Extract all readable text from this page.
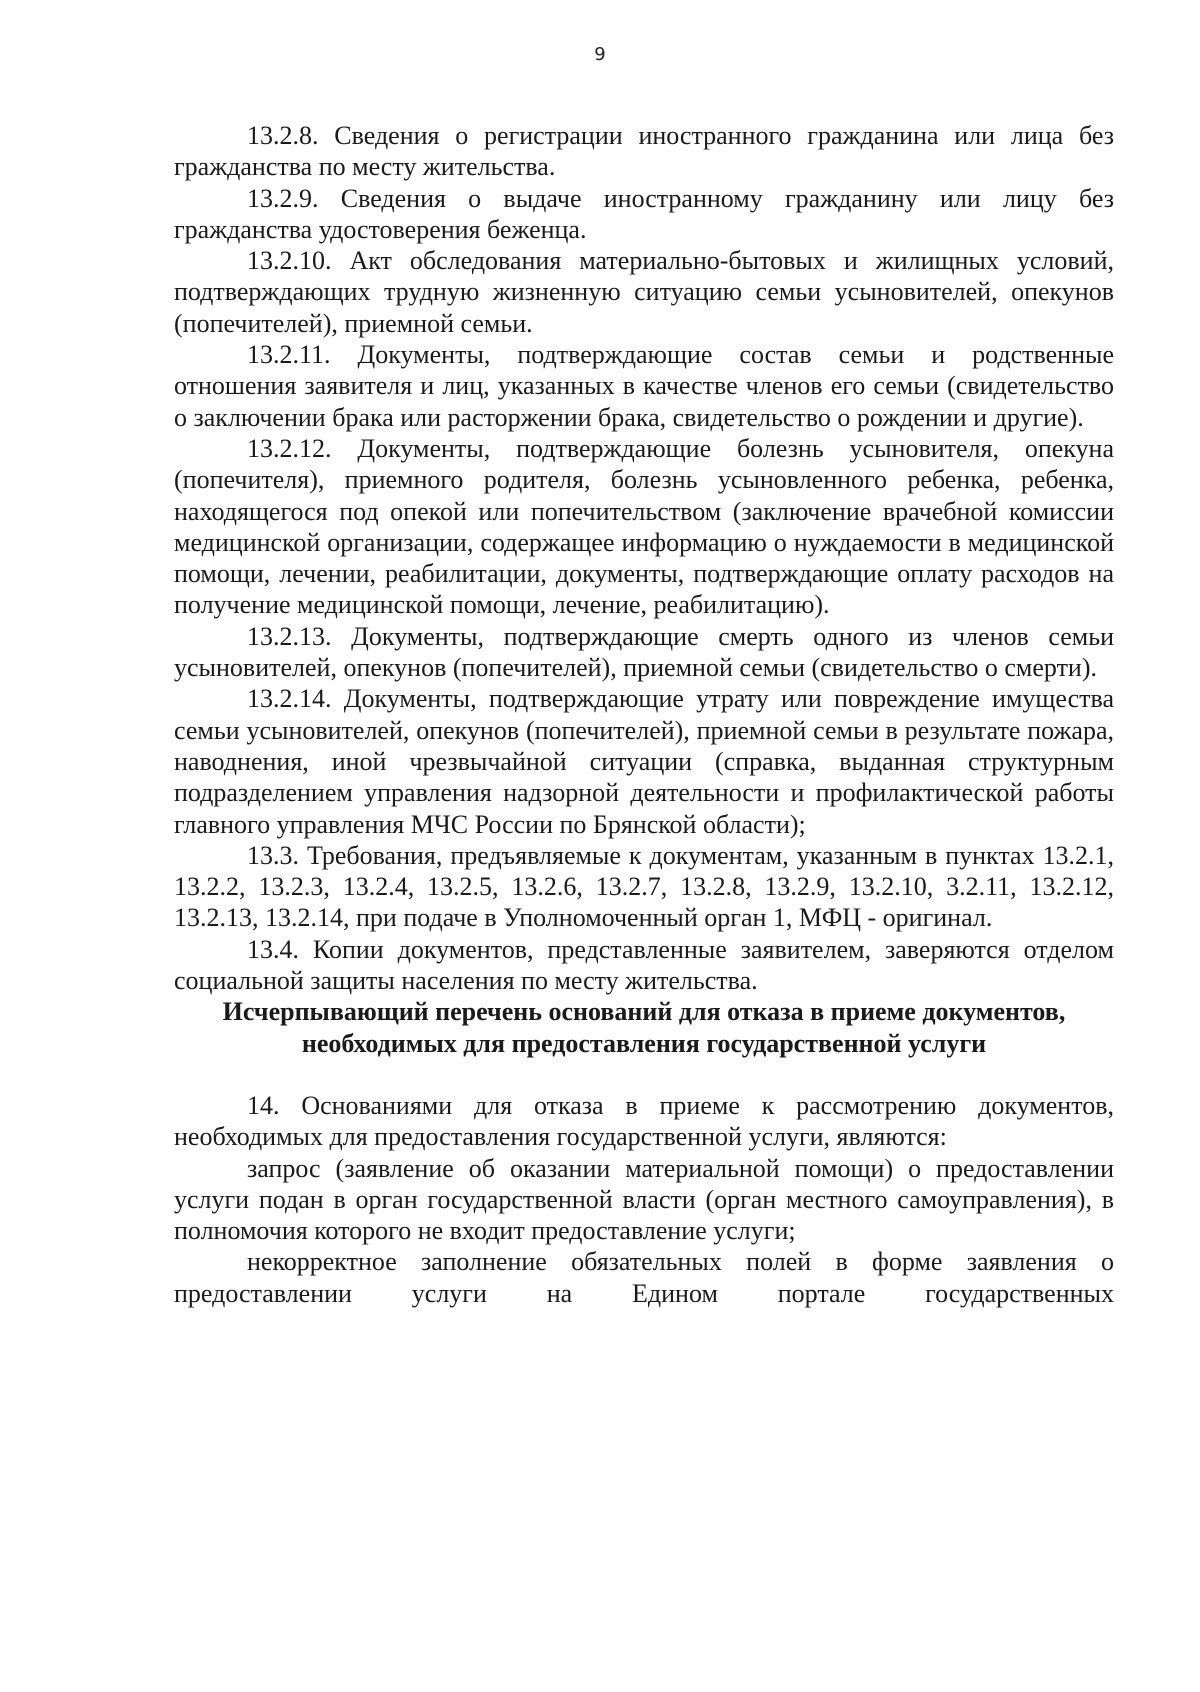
9

13.2.8. Сведения о регистрации иностранного гражданина или лица без гражданства по месту жительства.

13.2.9. Сведения о выдаче иностранному гражданину или лицу без гражданства удостоверения беженца.

13.2.10. Акт обследования материально-бытовых и жилищных условий, подтверждающих трудную жизненную ситуацию семьи усыновителей, опекунов (попечителей), приемной семьи.

13.2.11. Документы, подтверждающие состав семьи и родственные отношения заявителя и лиц, указанных в качестве членов его семьи (свидетельство о заключении брака или расторжении брака, свидетельство о рождении и другие).

13.2.12. Документы, подтверждающие болезнь усыновителя, опекуна (попечителя), приемного родителя, болезнь усыновленного ребенка, ребенка, находящегося под опекой или попечительством (заключение врачебной комиссии медицинской организации, содержащее информацию о нуждаемости в медицинской помощи, лечении, реабилитации, документы, подтверждающие оплату расходов на получение медицинской помощи, лечение, реабилитацию).

13.2.13. Документы, подтверждающие смерть одного из членов семьи усыновителей, опекунов (попечителей), приемной семьи (свидетельство о смерти).

13.2.14. Документы, подтверждающие утрату или повреждение имущества семьи усыновителей, опекунов (попечителей), приемной семьи в результате пожара, наводнения, иной чрезвычайной ситуации (справка, выданная структурным подразделением управления надзорной деятельности и профилактической работы главного управления МЧС России по Брянской области);

13.3. Требования, предъявляемые к документам, указанным в пунктах 13.2.1, 13.2.2, 13.2.3, 13.2.4, 13.2.5, 13.2.6, 13.2.7, 13.2.8, 13.2.9, 13.2.10, 3.2.11, 13.2.12, 13.2.13, 13.2.14, при подаче в Уполномоченный орган 1, МФЦ - оригинал.

13.4. Копии документов, представленные заявителем, заверяются отделом социальной защиты населения по месту жительства.

Исчерпывающий перечень оснований для отказа в приеме документов,
необходимых для предоставления государственной услуги

14. Основаниями для отказа в приеме к рассмотрению документов, необходимых для предоставления государственной услуги, являются:

запрос (заявление об оказании материальной помощи) о предоставлении услуги подан в орган государственной власти (орган местного самоуправления), в полномочия которого не входит предоставление услуги;

некорректное заполнение обязательных полей в форме заявления о предоставлении услуги на Едином портале государственных
